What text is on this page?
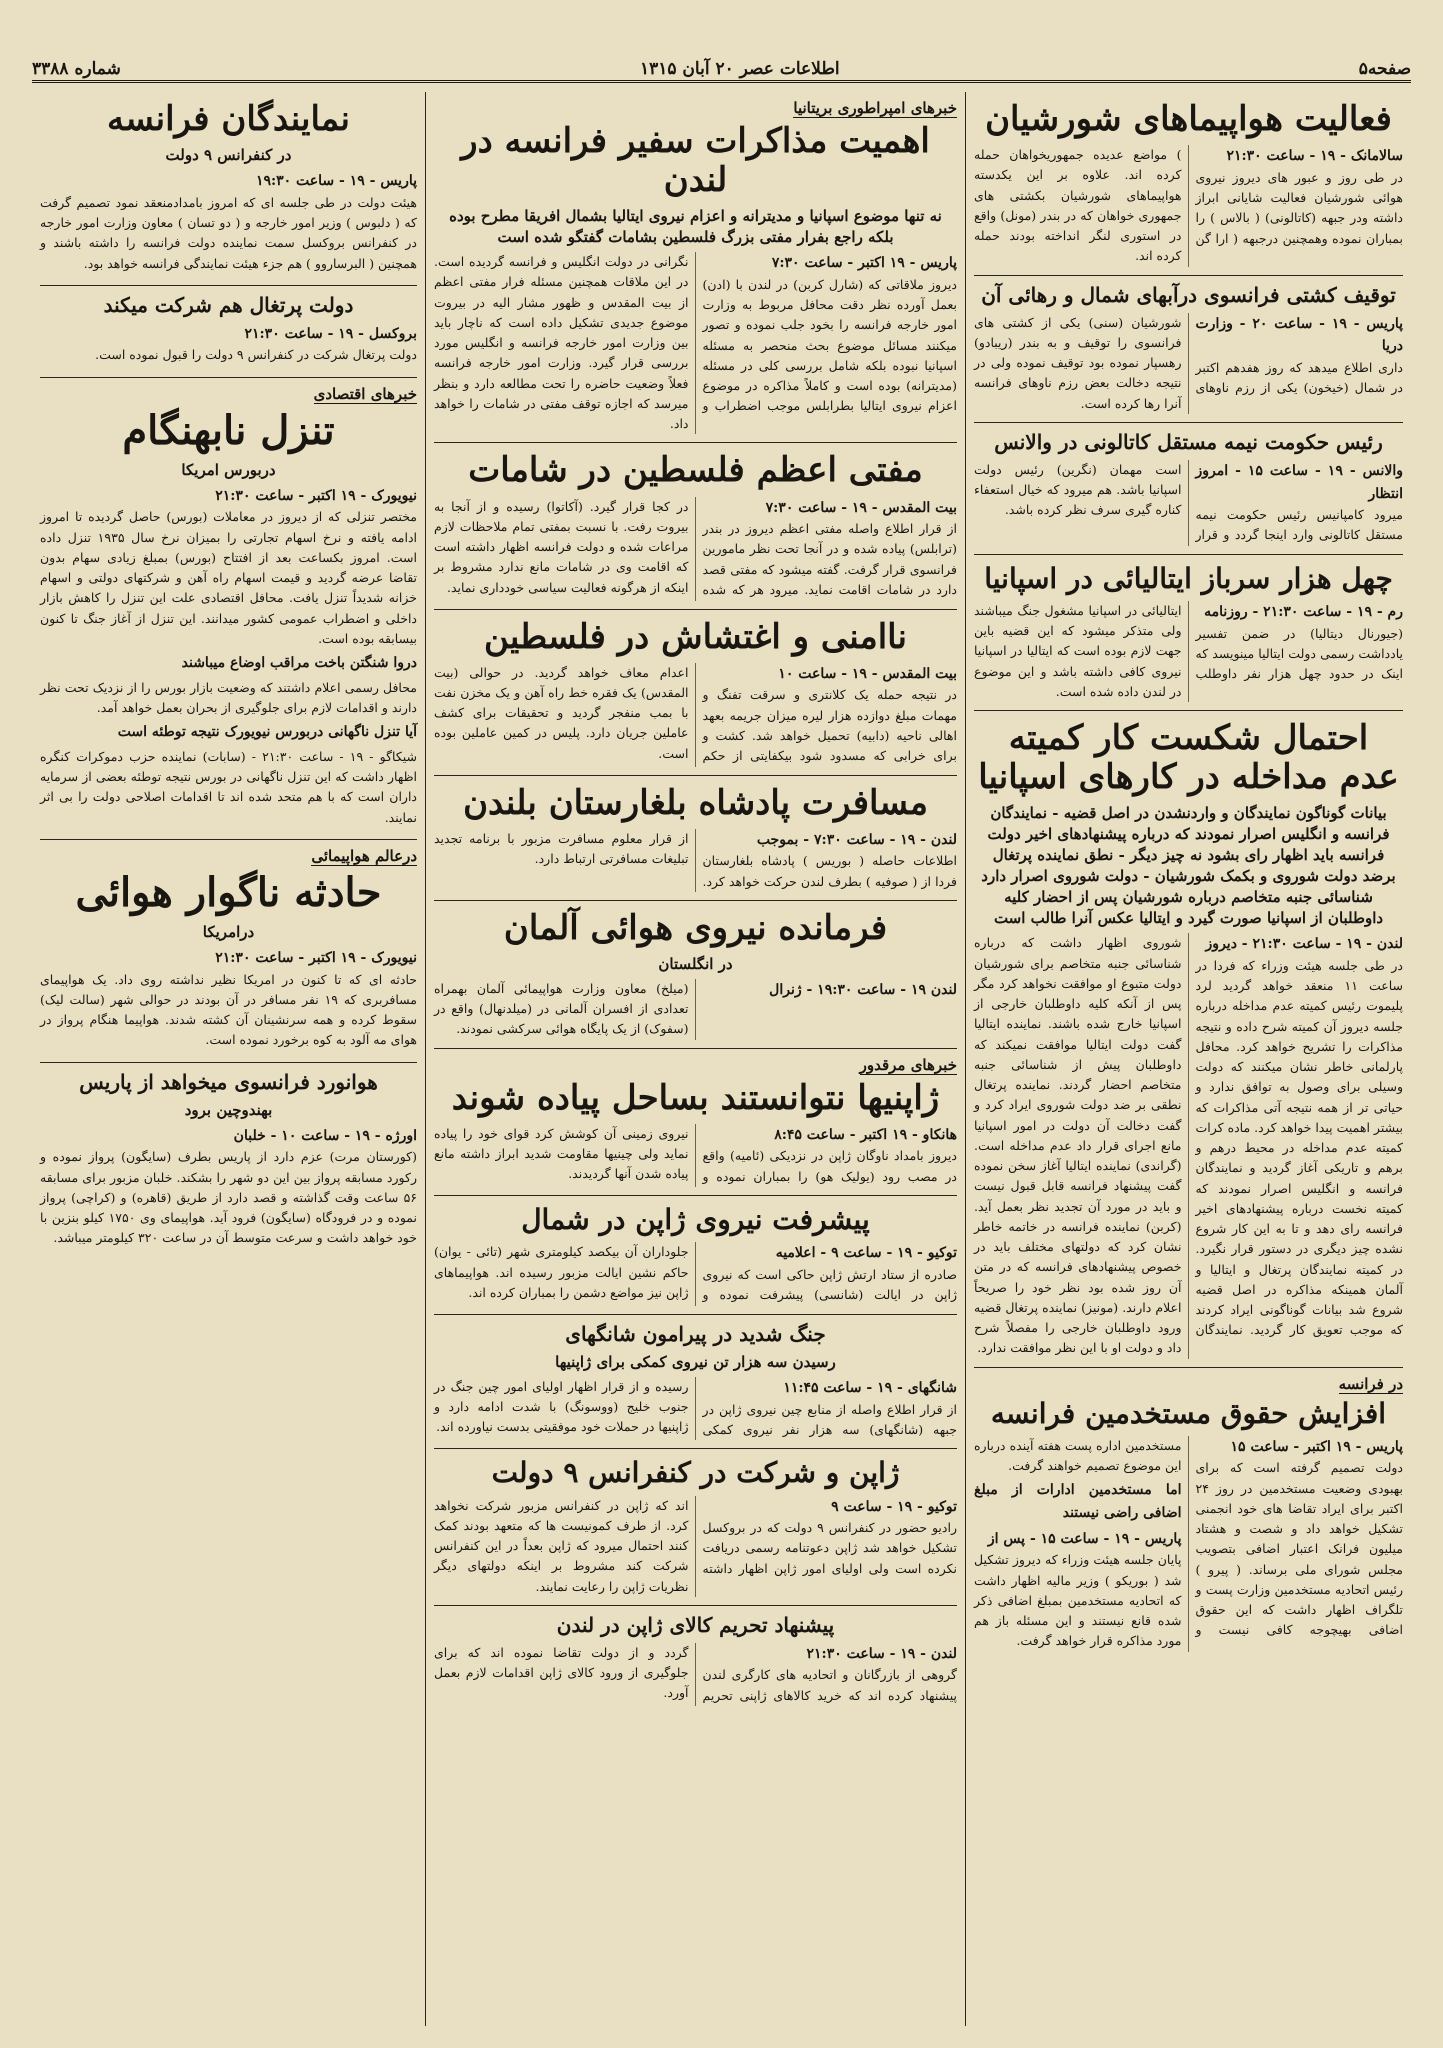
صفحه۵
اطلاعات عصر ۲۰ آبان ۱۳۱۵
شماره ۳۳۸۸
فعالیت هواپیماهای شورشیان
سالامانک - ۱۹ - ساعت ۲۱:۳۰

در طی روز و عبور های دیروز نیروی هوائی شورشیان فعالیت شایانی ابراز داشته ودر جبهه (کاتالونی) ( بالاس ) را بمباران نموده وهمچنین درجبهه ( ارا گن ) مواضع عدیده جمهوریخواهان حمله کرده اند. علاوه بر این یکدسته هواپیماهای شورشیان بکشتی های جمهوری خواهان که در بندر (مونل) واقع در استوری لنگر انداخته بودند حمله کرده اند.

توقیف کشتی فرانسوی درآبهای شمال و رهائی آن
پاریس - ۱۹ - ساعت ۲۰ - وزارت دریا

داری اطلاع میدهد که روز هفدهم اکتبر در شمال (خیخون) یکی از رزم ناوهای شورشیان (سنی) یکی از کشتی های فرانسوی را توقیف و به بندر (ریبادو) رهسپار نموده بود توقیف نموده ولی در نتیجه دخالت بعض رزم ناوهای فرانسه آنرا رها کرده است.

رئیس حکومت نیمه مستقل کاتالونی در والانس
والانس - ۱۹ - ساعت ۱۵ - امروز انتظار

میرود کامپانیس رئیس حکومت نیمه مستقل کاتالونی وارد اینجا گردد و قرار است مهمان (نگرین) رئیس دولت اسپانیا باشد. هم میرود که خیال استعفاء کناره گیری سرف نظر کرده باشد.

چهل هزار سرباز ایتالیائی در اسپانیا
رم - ۱۹ - ساعت ۲۱:۳۰ - روزنامه

(جیورنال دیتالیا) در ضمن تفسیر یادداشت رسمی دولت ایتالیا مینویسد که اینک در حدود چهل هزار نفر داوطلب ایتالیائی در اسپانیا مشغول جنگ میباشند ولی متذکر میشود که این قضیه باین جهت لازم بوده است که ایتالیا در اسپانیا نیروی کافی داشته باشد و این موضوع در لندن داده شده است.

احتمال شکست کار کمیته عدم مداخله در کارهای اسپانیا
بیانات گوناگون نمایندگان و واردنشدن در اصل قضیه - نمایندگان فرانسه و انگلیس اصرار نمودند که درباره پیشنهادهای اخیر دولت فرانسه باید اظهار رای بشود نه چیز دیگر - نطق نماینده پرتغال برضد دولت شوروی و بکمک شورشیان - دولت شوروی اصرار دارد شناسائی جنبه متخاصم درباره شورشیان پس از احضار کلیه داوطلبان از اسپانیا صورت گیرد و ایتالیا عکس آنرا طالب است
لندن - ۱۹ - ساعت ۲۱:۳۰ - دیروز

در طی جلسه هیئت وزراء که فردا در ساعت ۱۱ منعقد خواهد گردید لرد پلیموت رئیس کمیته عدم مداخله درباره جلسه دیروز آن کمیته شرح داده و نتیجه مذاکرات را تشریح خواهد کرد. محافل پارلمانی خاطر نشان میکنند که دولت وسیلی برای وصول به توافق ندارد و حیاتی تر از همه نتیجه آتی مذاکرات که بیشتر اهمیت پیدا خواهد کرد. ماده کرات کمیته عدم مداخله در محیط درهم و برهم و تاریکی آغاز گردید و نمایندگان فرانسه و انگلیس اصرار نمودند که کمیته نخست درباره پیشنهادهای اخیر فرانسه رای دهد و تا به این کار شروع نشده چیز دیگری در دستور قرار نگیرد. در کمیته نمایندگان پرتغال و ایتالیا و آلمان همینکه مذاکره در اصل قضیه شروع شد بیانات گوناگونی ایراد کردند که موجب تعویق کار گردید. نمایندگان شوروی اظهار داشت که درباره شناسائی جنبه متخاصم برای شورشیان دولت متبوع او موافقت نخواهد کرد مگر پس از آنکه کلیه داوطلبان خارجی از اسپانیا خارج شده باشند. نماینده ایتالیا گفت دولت ایتالیا موافقت نمیکند که داوطلبان پیش از شناسائی جنبه متخاصم احضار گردند. نماینده پرتغال نطقی بر ضد دولت شوروی ایراد کرد و گفت دخالت آن دولت در امور اسپانیا مانع اجرای قرار داد عدم مداخله است. (گراندی) نماینده ایتالیا آغاز سخن نموده گفت پیشنهاد فرانسه قابل قبول نیست و باید در مورد آن تجدید نظر بعمل آید. (کربن) نماینده فرانسه در خاتمه خاطر نشان کرد که دولتهای مختلف باید در خصوص پیشنهادهای فرانسه که در متن آن روز شده بود نظر خود را صریحاً اعلام دارند. (مونیز) نماینده پرتغال قضیه ورود داوطلبان خارجی را مفصلاً شرح داد و دولت او با این نظر موافقت ندارد.

در فرانسه
افزایش حقوق مستخدمین فرانسه
پاریس - ۱۹ اکتبر - ساعت ۱۵

دولت تصمیم گرفته است که برای بهبودی وضعیت مستخدمین در روز ۲۴ اکتبر برای ایراد تقاضا های خود انجمنی تشکیل خواهد داد و شصت و هشتاد میلیون فرانک اعتبار اضافی بتصویب مجلس شورای ملی برساند. ( پیرو ) رئیس اتحادیه مستخدمین وزارت پست و تلگراف اظهار داشت که این حقوق اضافی بهیچوجه کافی نیست و مستخدمین اداره پست هفته آینده درباره این موضوع تصمیم خواهند گرفت.

اما مستخدمین ادارات از مبلغ اضافی راضی نیستند

پاریس - ۱۹ - ساعت ۱۵ - پس از

پایان جلسه هیئت وزراء که دیروز تشکیل شد ( بوریکو ) وزیر مالیه اظهار داشت که اتحادیه مستخدمین بمبلغ اضافی ذکر شده قانع نیستند و این مسئله باز هم مورد مذاکره قرار خواهد گرفت.

خبرهای امپراطوری بریتانیا
اهمیت مذاکرات سفیر فرانسه در لندن
نه تنها موضوع اسپانیا و مدیترانه و اعزام نیروی ایتالیا بشمال افریقا مطرح بوده بلکه راجع بفرار مفتی بزرگ فلسطین بشامات گفتگو شده است
پاریس - ۱۹ اکتبر - ساعت ۷:۳۰

دیروز ملاقاتی که (شارل کربن) در لندن با (ادن) بعمل آورده نظر دقت محافل مربوط به وزارت امور خارجه فرانسه را بخود جلب نموده و تصور میکنند مسائل موضوع بحث منحصر به مسئله اسپانیا نبوده بلکه شامل بررسی کلی در مسئله (مدیترانه) بوده است و کاملاً مذاکره در موضوع اعزام نیروی ایتالیا بطرابلس موجب اضطراب و نگرانی در دولت انگلیس و فرانسه گردیده است. در این ملاقات همچنین مسئله فرار مفتی اعظم از بیت المقدس و ظهور مشار الیه در بیروت موضوع جدیدی تشکیل داده است که ناچار باید بین وزارت امور خارجه فرانسه و انگلیس مورد بررسی قرار گیرد. وزارت امور خارجه فرانسه فعلاً وضعیت حاضره را تحت مطالعه دارد و بنظر میرسد که اجازه توقف مفتی در شامات را خواهد داد.

مفتی اعظم فلسطین در شامات
بیت المقدس - ۱۹ - ساعت ۷:۳۰

از قرار اطلاع واصله مفتی اعظم دیروز در بندر (ترابلس) پیاده شده و در آنجا تحت نظر مامورین فرانسوی قرار گرفت. گفته میشود که مفتی قصد دارد در شامات اقامت نماید. میرود هر که شده در کجا قرار گیرد. (آکاتوا) رسیده و از آنجا به بیروت رفت. با نسبت بمفتی تمام ملاحظات لازم مراعات شده و دولت فرانسه اظهار داشته است که اقامت وی در شامات مانع ندارد مشروط بر اینکه از هرگونه فعالیت سیاسی خودداری نماید.

ناامنی و اغتشاش در فلسطین
بیت المقدس - ۱۹ - ساعت ۱۰

در نتیجه حمله یک کلانتری و سرقت تفنگ و مهمات مبلغ دوازده هزار لیره میزان جریمه بعهد اهالی ناحیه (دابیه) تحمیل خواهد شد. کشت و برای خرابی که مسدود شود بیکفایتی از حکم اعدام معاف خواهد گردید. در حوالی (بیت المقدس) یک فقره خط راه آهن و یک مخزن نفت با بمب منفجر گردید و تحقیقات برای کشف عاملین جریان دارد. پلیس در کمین عاملین بوده است.

مسافرت پادشاه بلغارستان بلندن
لندن - ۱۹ - ساعت ۷:۳۰ - بموجب

اطلاعات حاصله ( بوریس ) پادشاه بلغارستان فردا از ( صوفیه ) بطرف لندن حرکت خواهد کرد. از قرار معلوم مسافرت مزبور با برنامه تجدید تبلیغات مسافرتی ارتباط دارد.

فرمانده نیروی هوائی آلمان
در انگلستان
لندن ۱۹ - ساعت ۱۹:۳۰ - ژنرال

(میلخ) معاون وزارت هواپیمائی آلمان بهمراه تعدادی از افسران آلمانی در (میلدنهال) واقع در (سفوک) از یک پایگاه هوائی سرکشی نمودند.

خبرهای مرقدور
ژاپنیها نتوانستند بساحل پیاده شوند
هانکاو - ۱۹ اکتبر - ساعت ۸:۴۵

دیروز بامداد ناوگان ژاپن در نزدیکی (ئامیه) واقع در مصب رود (یولیک هو) را بمباران نموده و نیروی زمینی آن کوشش کرد قوای خود را پیاده نماید ولی چینیها مقاومت شدید ابراز داشته مانع پیاده شدن آنها گردیدند.

پیشرفت نیروی ژاپن در شمال
توکیو - ۱۹ - ساعت ۹ - اعلامیه

صادره از ستاد ارتش ژاپن حاکی است که نیروی ژاپن در ایالت (شانسی) پیشرفت نموده و جلوداران آن بیکصد کیلومتری شهر (تائی - یوان) حاکم نشین ایالت مزبور رسیده اند. هواپیماهای ژاپن نیز مواضع دشمن را بمباران کرده اند.

جنگ شدید در پیرامون شانگهای
رسیدن سه هزار تن نیروی کمکی برای ژاپنیها
شانگهای - ۱۹ - ساعت ۱۱:۴۵

از قرار اطلاع واصله از منابع چین نیروی ژاپن در جبهه (شانگهای) سه هزار نفر نیروی کمکی رسیده و از قرار اظهار اولیای امور چین جنگ در جنوب خلیج (ووسونگ) با شدت ادامه دارد و ژاپنیها در حملات خود موفقیتی بدست نیاورده اند.

ژاپن و شرکت در کنفرانس ۹ دولت
توکیو - ۱۹ - ساعت ۹

رادیو حضور در کنفرانس ۹ دولت که در بروکسل تشکیل خواهد شد ژاپن دعوتنامه رسمی دریافت نکرده است ولی اولیای امور ژاپن اظهار داشته اند که ژاپن در کنفرانس مزبور شرکت نخواهد کرد. از طرف کمونیست ها که متعهد بودند کمک کنند احتمال میرود که ژاپن بعداً در این کنفرانس شرکت کند مشروط بر اینکه دولتهای دیگر نظریات ژاپن را رعایت نمایند.

پیشنهاد تحریم کالای ژاپن در لندن
لندن - ۱۹ - ساعت ۲۱:۳۰

گروهی از بازرگانان و اتحادیه های کارگری لندن پیشنهاد کرده اند که خرید کالاهای ژاپنی تحریم گردد و از دولت تقاضا نموده اند که برای جلوگیری از ورود کالای ژاپن اقدامات لازم بعمل آورد.

نمایندگان فرانسه
در کنفرانس ۹ دولت
پاریس - ۱۹ - ساعت ۱۹:۳۰

هیئت دولت در طی جلسه ای که امروز بامدادمنعقد نمود تصمیم گرفت که ( دلبوس ) وزیر امور خارجه و ( دو تسان ) معاون وزارت امور خارجه در کنفرانس بروکسل سمت نماینده دولت فرانسه را داشته باشند و همچنین ( البرساروو ) هم جزء هیئت نمایندگی فرانسه خواهد بود.

دولت پرتغال هم شرکت میکند
بروکسل - ۱۹ - ساعت ۲۱:۳۰

دولت پرتغال شرکت در کنفرانس ۹ دولت را قبول نموده است.

خبرهای اقتصادی
تنزل نابهنگام
دربورس امریکا
نیویورک - ۱۹ اکتبر - ساعت ۲۱:۳۰

مختصر تنزلی که از دیروز در معاملات (بورس) حاصل گردیده تا امروز ادامه یافته و نرخ اسهام تجارتی را بمیزان نرخ سال ۱۹۳۵ تنزل داده است. امروز بکساعت بعد از افتتاح (بورس) بمبلغ زیادی سهام بدون تقاضا عرضه گردید و قیمت اسهام راه آهن و شرکتهای دولتی و اسهام خزانه شدیداً تنزل یافت. محافل اقتصادی علت این تنزل را کاهش بازار داخلی و اضطراب عمومی کشور میدانند. این تنزل از آغاز جنگ تا کنون بیسابقه بوده است.

دروا شنگتن باخت مراقب اوضاع میباشند

محافل رسمی اعلام داشتند که وضعیت بازار بورس را از نزدیک تحت نظر دارند و اقدامات لازم برای جلوگیری از بحران بعمل خواهد آمد.

آیا تنزل ناگهانی دربورس نیویورک نتیجه توطئه است

شیکاگو - ۱۹ - ساعت ۲۱:۳۰ - (سابات) نماینده حزب دموکرات کنگره اظهار داشت که این تنزل ناگهانی در بورس نتیجه توطئه بعضی از سرمایه داران است که با هم متحد شده اند تا اقدامات اصلاحی دولت را بی اثر نمایند.

درعالم هواپیمائی
حادثه ناگوار هوائی
درامریکا
نیویورک - ۱۹ اکتبر - ساعت ۲۱:۳۰

حادثه ای که تا کنون در امریکا نظیر نداشته روی داد. یک هواپیمای مسافربری که ۱۹ نفر مسافر در آن بودند در حوالی شهر (سالت لیک) سقوط کرده و همه سرنشینان آن کشته شدند. هواپیما هنگام پرواز در هوای مه آلود به کوه برخورد نموده است.

هوانورد فرانسوی میخواهد از پاریس
بهندوچین برود
اورژه - ۱۹ - ساعت ۱۰ - خلبان

(کورستان مرت) عزم دارد از پاریس بطرف (سایگون) پرواز نموده و رکورد مسابقه پرواز بین این دو شهر را بشکند. خلبان مزبور برای مسابقه ۵۶ ساعت وقت گذاشته و قصد دارد از طریق (قاهره) و (کراچی) پرواز نموده و در فرودگاه (سایگون) فرود آید. هواپیمای وی ۱۷۵۰ کیلو بنزین با خود خواهد داشت و سرعت متوسط آن در ساعت ۳۲۰ کیلومتر میباشد.
